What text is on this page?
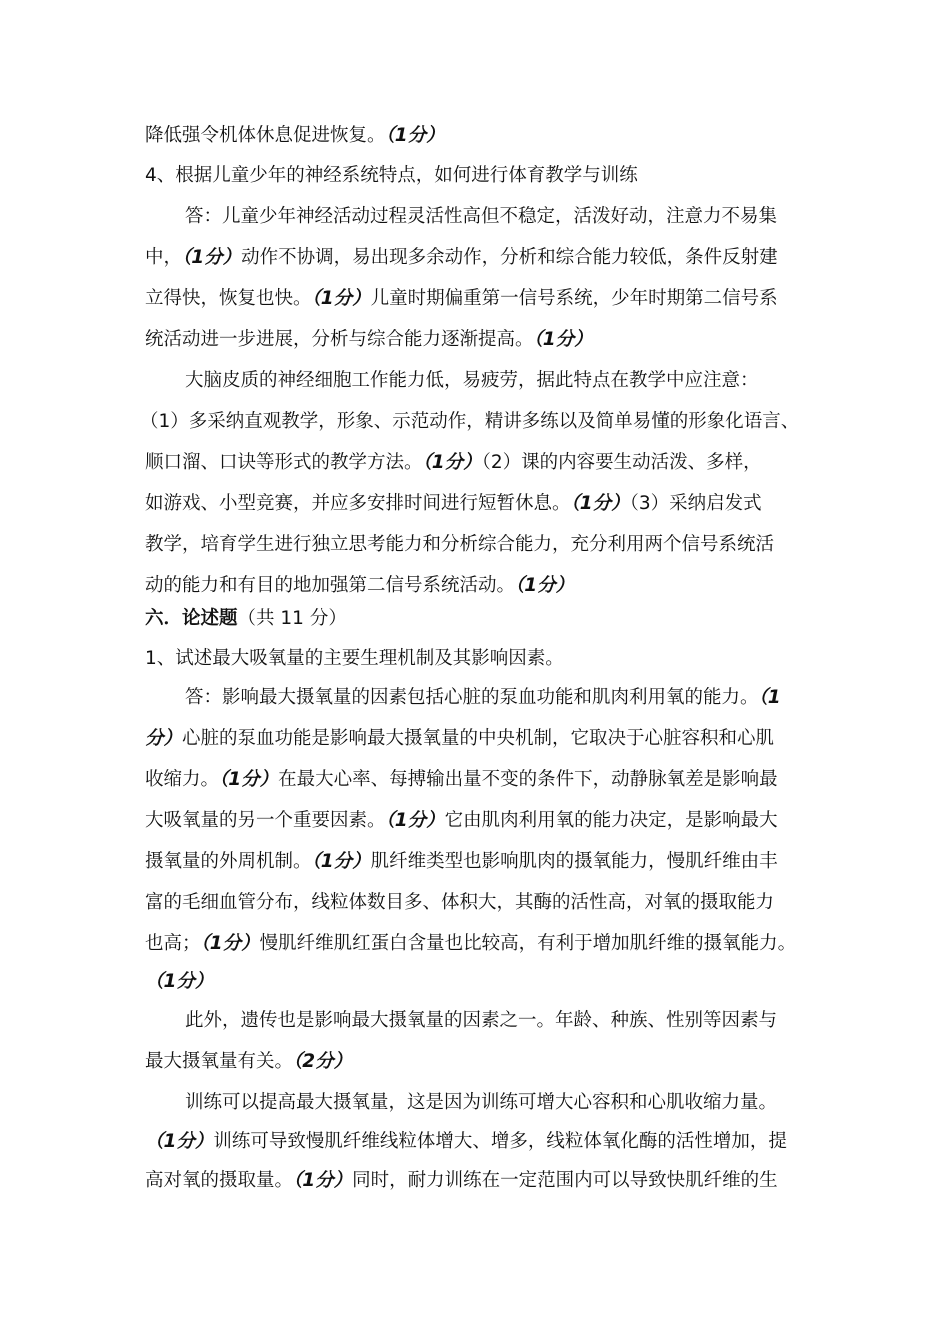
降低强令机体休息促进恢复。（1分）
4、根据儿童少年的神经系统特点，如何进行体育教学与训练
答：儿童少年神经活动过程灵活性高但不稳定，活泼好动，注意力不易集
中，（1分）动作不协调，易出现多余动作，分析和综合能力较低，条件反射建
立得快，恢复也快。（1分）儿童时期偏重第一信号系统，少年时期第二信号系
统活动进一步进展，分析与综合能力逐渐提高。（1分）
大脑皮质的神经细胞工作能力低，易疲劳，据此特点在教学中应注意：
（1）多采纳直观教学，形象、示范动作，精讲多练以及简单易懂的形象化语言、
顺口溜、口诀等形式的教学方法。（1分）（2）课的内容要生动活泼、多样，
如游戏、小型竞赛，并应多安排时间进行短暂休息。（1分）（3）采纳启发式
教学，培育学生进行独立思考能力和分析综合能力，充分利用两个信号系统活
动的能力和有目的地加强第二信号系统活动。（1分）
六．论述题（共 11 分）
1、试述最大吸氧量的主要生理机制及其影响因素。
答：影响最大摄氧量的因素包括心脏的泵血功能和肌肉利用氧的能力。（1
分）心脏的泵血功能是影响最大摄氧量的中央机制，它取决于心脏容积和心肌
收缩力。（1分）在最大心率、每搏输出量不变的条件下，动静脉氧差是影响最
大吸氧量的另一个重要因素。（1分）它由肌肉利用氧的能力决定，是影响最大
摄氧量的外周机制。（1分）肌纤维类型也影响肌肉的摄氧能力，慢肌纤维由丰
富的毛细血管分布，线粒体数目多、体积大，其酶的活性高，对氧的摄取能力
也高；（1分）慢肌纤维肌红蛋白含量也比较高，有利于增加肌纤维的摄氧能力。
（1分）
此外，遗传也是影响最大摄氧量的因素之一。年龄、种族、性别等因素与
最大摄氧量有关。（2分）
训练可以提高最大摄氧量，这是因为训练可增大心容积和心肌收缩力量。
（1分）训练可导致慢肌纤维线粒体增大、增多，线粒体氧化酶的活性增加，提
高对氧的摄取量。（1分）同时，耐力训练在一定范围内可以导致快肌纤维的生
